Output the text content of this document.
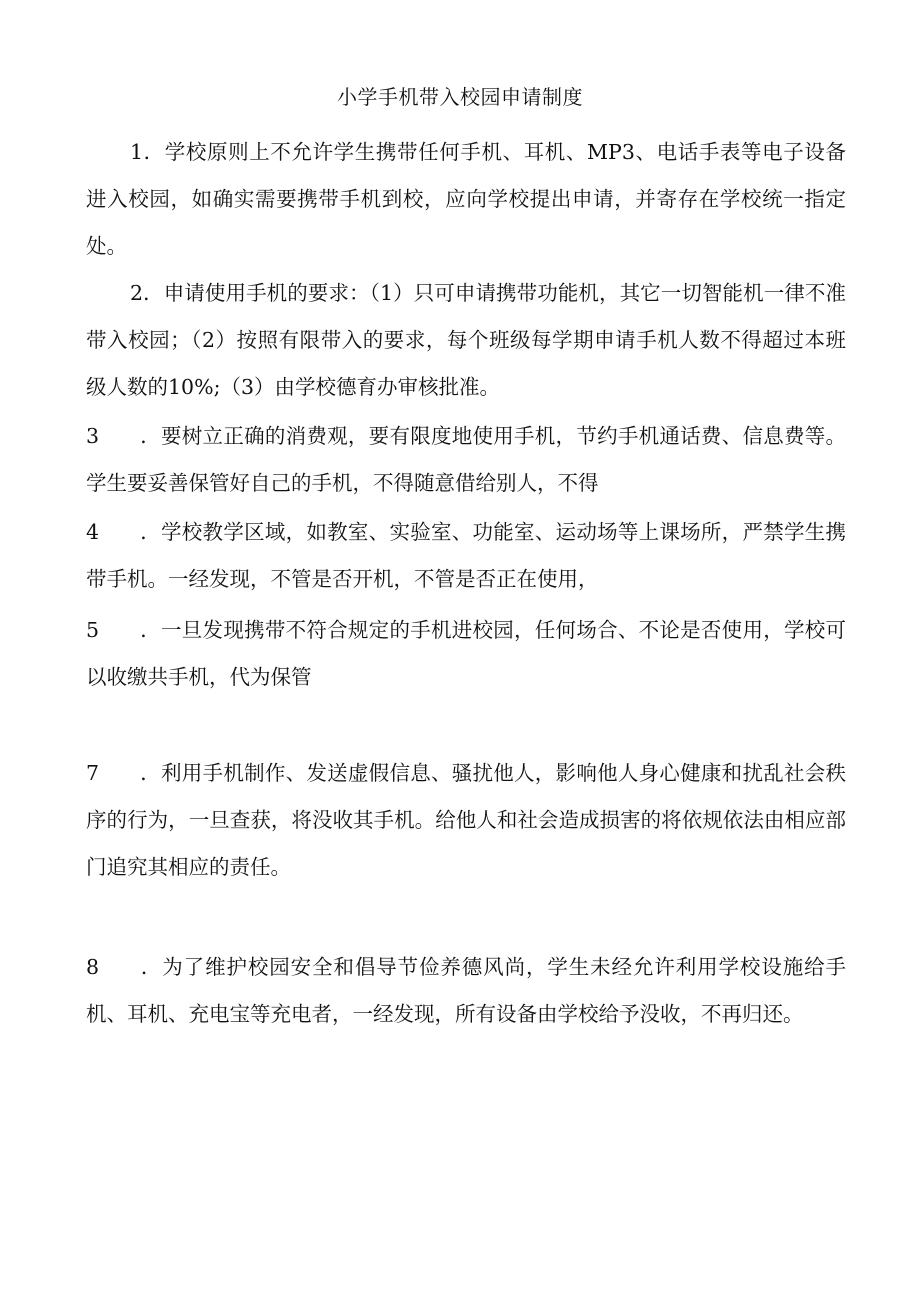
小学手机带入校园申请制度
1．学校原则上不允许学生携带任何手机、耳机、MP3、电话手表等电子设备进入校园，如确实需要携带手机到校，应向学校提出申请，并寄存在学校统一指定处。
2．申请使用手机的要求：（1）只可申请携带功能机，其它一切智能机一律不准带入校园；（2）按照有限带入的要求，每个班级每学期申请手机人数不得超过本班级人数的10%;（3）由学校德育办审核批准。
3 ．要树立正确的消费观，要有限度地使用手机，节约手机通话费、信息费等。学生要妥善保管好自己的手机，不得随意借给别人，不得
4 ．学校教学区域，如教室、实验室、功能室、运动场等上课场所，严禁学生携带手机。一经发现，不管是否开机，不管是否正在使用，
5 ．一旦发现携带不符合规定的手机进校园，任何场合、不论是否使用，学校可以收缴共手机，代为保管
7 ．利用手机制作、发送虚假信息、骚扰他人，影响他人身心健康和扰乱社会秩序的行为，一旦查获，将没收其手机。给他人和社会造成损害的将依规依法由相应部门追究其相应的责任。
8 ．为了维护校园安全和倡导节俭养德风尚，学生未经允许利用学校设施给手机、耳机、充电宝等充电者，一经发现，所有设备由学校给予没收，不再归还。
